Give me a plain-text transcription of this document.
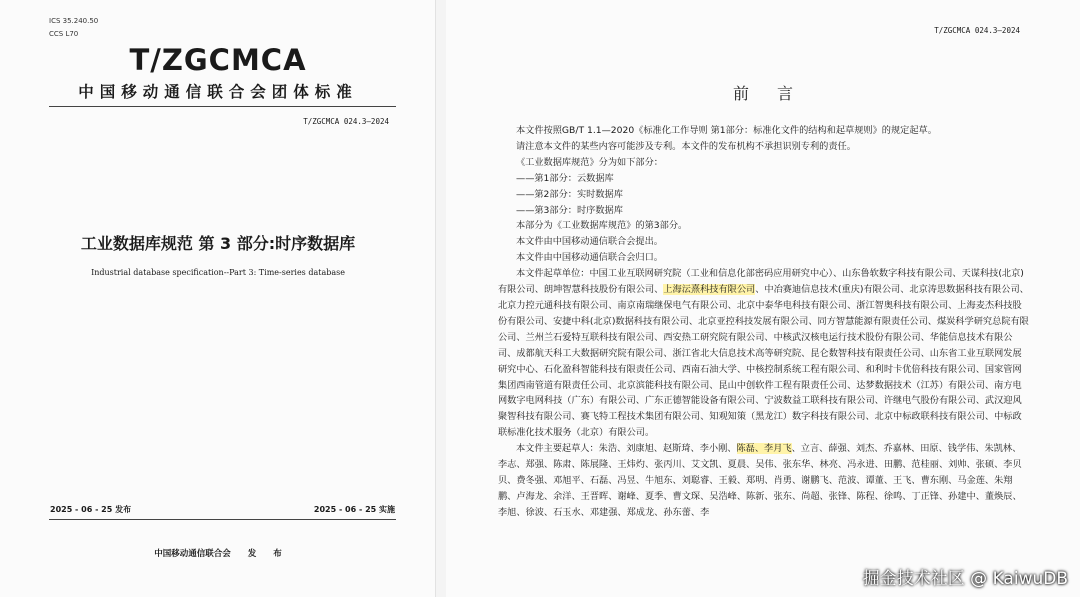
ICS 35.240.50
CCS L70
T/ZGCMCA
中国移动通信联合会团体标准
T/ZGCMCA 024.3—2024
工业数据库规范 第 3 部分:时序数据库
Industrial database specification--Part 3: Time-series database
2025 - 06 - 25 发布	2025 - 06 - 25 实施
中国移动通信联合会 发 布
T/ZGCMCA 024.3—2024
前言

本文件按照GB/T 1.1—2020《标准化工作导则 第1部分：标准化文件的结构和起草规则》的规定起草。

请注意本文件的某些内容可能涉及专利。本文件的发布机构不承担识别专利的责任。

《工业数据库规范》分为如下部分：

——第1部分：云数据库

——第2部分：实时数据库

——第3部分：时序数据库

本部分为《工业数据库规范》的第3部分。

本文件由中国移动通信联合会提出。

本文件由中国移动通信联合会归口。

本文件起草单位：中国工业互联网研究院（工业和信息化部密码应用研究中心）、山东鲁软数字科技有限公司、天谋科技(北京)有限公司、朗坤智慧科技股份有限公司、上海沄熹科技有限公司、中冶赛迪信息技术(重庆)有限公司、北京涛思数据科技有限公司、北京力控元通科技有限公司、南京南瑞继保电气有限公司、北京中泰华电科技有限公司、浙江智奥科技有限公司、上海麦杰科技股份有限公司、安捷中科(北京)数据科技有限公司、北京亚控科技发展有限公司、同方智慧能源有限责任公司、煤炭科学研究总院有限公司、兰州兰石爱特互联科技有限公司、西安热工研究院有限公司、中核武汉核电运行技术股份有限公司、华能信息技术有限公司、成都航天科工大数据研究院有限公司、浙江省北大信息技术高等研究院、昆仑数智科技有限责任公司、山东省工业互联网发展研究中心、石化盈科智能科技有限责任公司、西南石油大学、中核控制系统工程有限公司、和利时卡优倍科技有限公司、国家管网集团西南管道有限责任公司、北京滨能科技有限公司、昆山中创软件工程有限责任公司、达梦数据技术（江苏）有限公司、南方电网数字电网科技（广东）有限公司、广东正德智能设备有限公司、宁波数益工联科技有限公司、许继电气股份有限公司、武汉迎风聚智科技有限公司、赛飞特工程技术集团有限公司、知观知策（黑龙江）数字科技有限公司、北京中标政联科技有限公司、中标政联标准化技术服务（北京）有限公司。

本文件主要起草人：朱浩、刘康旭、赵斯琦、李小刚、陈磊、李月飞、立言、薛强、刘杰、乔嘉林、田原、钱学伟、朱凯林、李志、郑强、陈肃、陈展隆、王炜灼、张丙川、艾文凯、夏晨、吴伟、张东华、林亮、冯永进、田鹏、范桂丽、刘帅、张硕、李贝贝、费冬强、邓旭平、石磊、冯昱、牛旭东、刘聪睿、王毅、郑明、肖勇、谢鹏飞、范波、谭董、王飞、曹东刚、马金莲、朱翔鹏、卢海龙、余洋、王晋晖、谢峰、夏季、曹文琛、吴浩峰、陈新、张东、尚超、张锋、陈程、徐鸣、丁正锋、孙建中、董焕辰、李旭、徐波、石玉水、邓建强、郑成龙、孙东蕾、李

掘金技术社区 @ KaiwuDB
